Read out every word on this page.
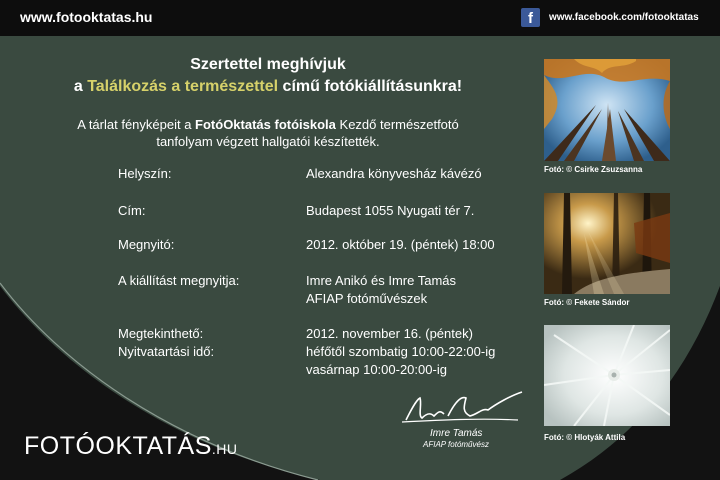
www.fotooktatas.hu	f	www.facebook.com/fotooktatas
Szertettel meghívjuk
a Találkozás a természettel című fotókiállításunkra!
A tárlat fényképeit a FotóOktatás fotóiskola Kezdő természetfotó
tanfolyam végzett hallgatói készítették.
Helyszín:	Alexandra könyvesház kávézó
Cím:	Budapest 1055 Nyugati tér 7.
Megnyitó:	2012. október 19. (péntek) 18:00
A kiállítást megnyitja:	Imre Anikó és Imre Tamás
AFIAP fotóművészek
Megtekinthető:	2012. november 16. (péntek)
Nyitvatartási idő:	héfőtől szombatig 10:00-22:00-ig
vasárnap 10:00-20:00-ig
Fotó: © Csirke Zsuzsanna
Fotó: © Fekete Sándor
Fotó: © Hlotyák Attila
Imre Tamás
AFIAP fotóművész
FOTÓOKTATÁS.HU
